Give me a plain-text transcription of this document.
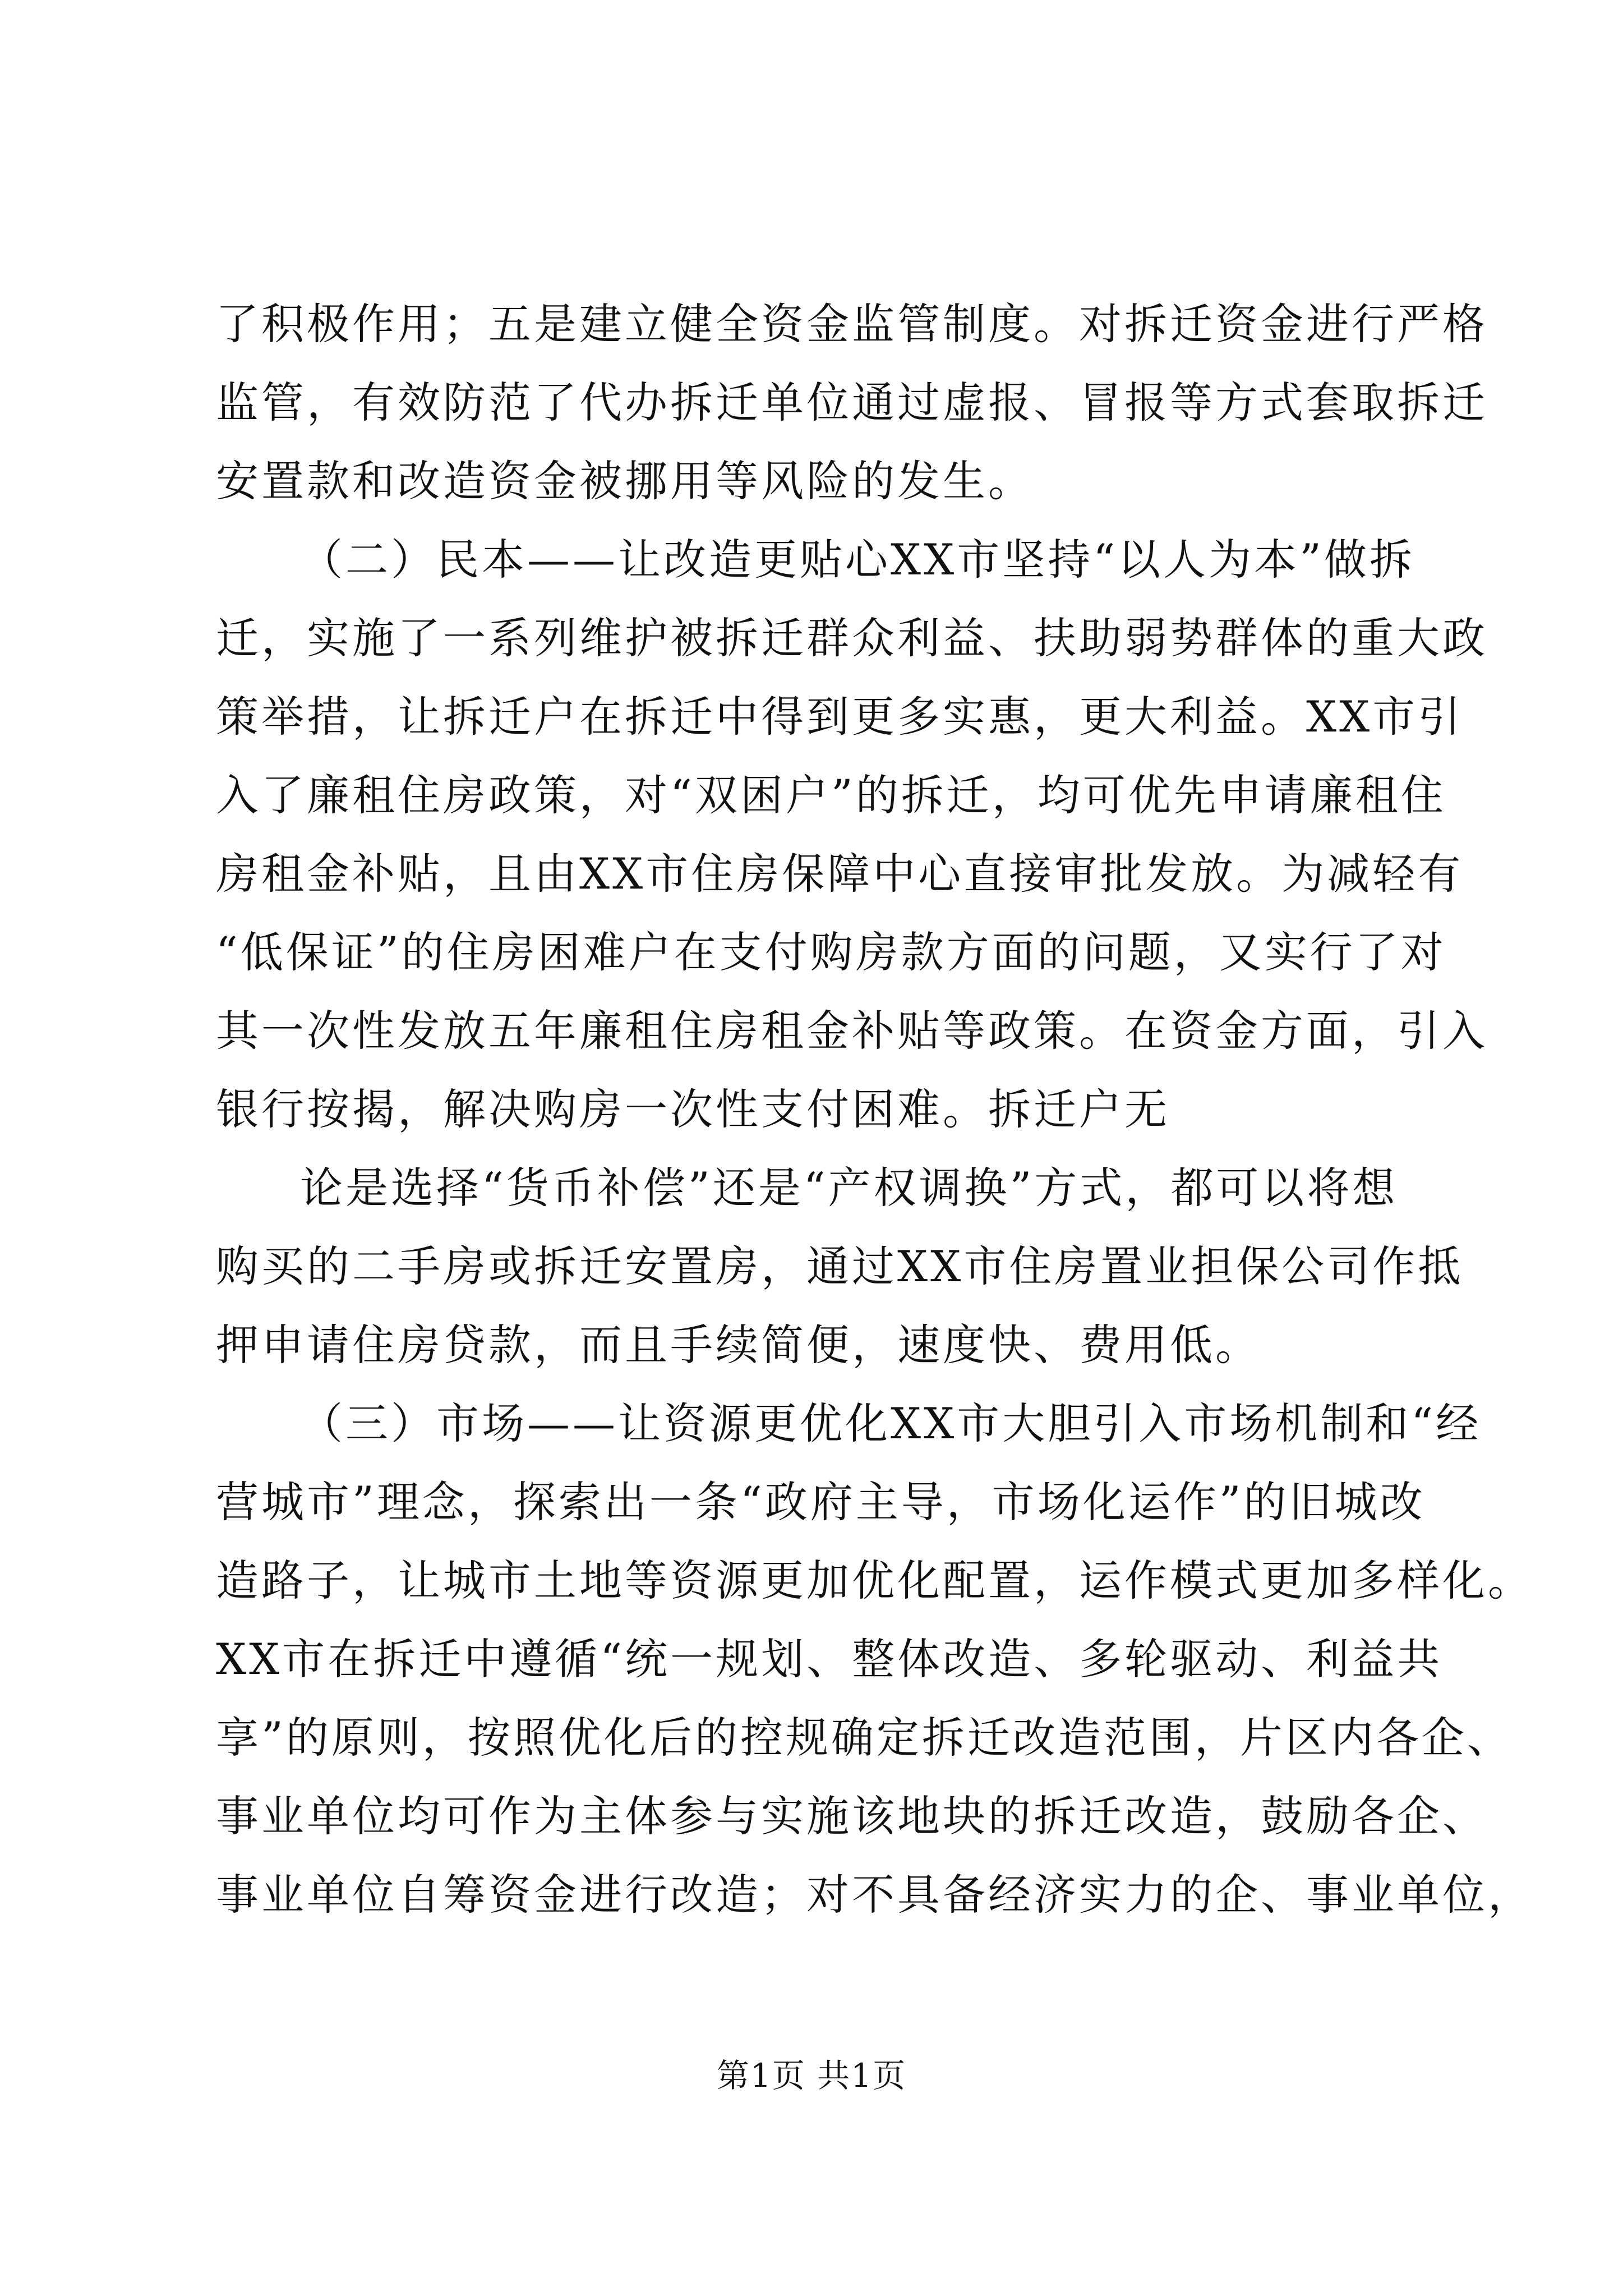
了积极作用；五是建立健全资金监管制度。对拆迁资金进行严格
监管，有效防范了代办拆迁单位通过虚报、冒报等方式套取拆迁
安置款和改造资金被挪用等风险的发生。
（二）民本——让改造更贴心XX市坚持“以人为本”做拆
迁，实施了一系列维护被拆迁群众利益、扶助弱势群体的重大政
策举措，让拆迁户在拆迁中得到更多实惠，更大利益。XX市引
入了廉租住房政策，对“双困户”的拆迁，均可优先申请廉租住
房租金补贴，且由XX市住房保障中心直接审批发放。为减轻有
“低保证”的住房困难户在支付购房款方面的问题，又实行了对
其一次性发放五年廉租住房租金补贴等政策。在资金方面，引入
银行按揭，解决购房一次性支付困难。拆迁户无
论是选择“货币补偿”还是“产权调换”方式，都可以将想
购买的二手房或拆迁安置房，通过XX市住房置业担保公司作抵
押申请住房贷款，而且手续简便，速度快、费用低。
（三）市场——让资源更优化XX市大胆引入市场机制和“经
营城市”理念，探索出一条“政府主导，市场化运作”的旧城改
造路子，让城市土地等资源更加优化配置，运作模式更加多样化。
XX市在拆迁中遵循“统一规划、整体改造、多轮驱动、利益共
享”的原则，按照优化后的控规确定拆迁改造范围，片区内各企、
事业单位均可作为主体参与实施该地块的拆迁改造，鼓励各企、
事业单位自筹资金进行改造；对不具备经济实力的企、事业单位，
第1页 共1页
